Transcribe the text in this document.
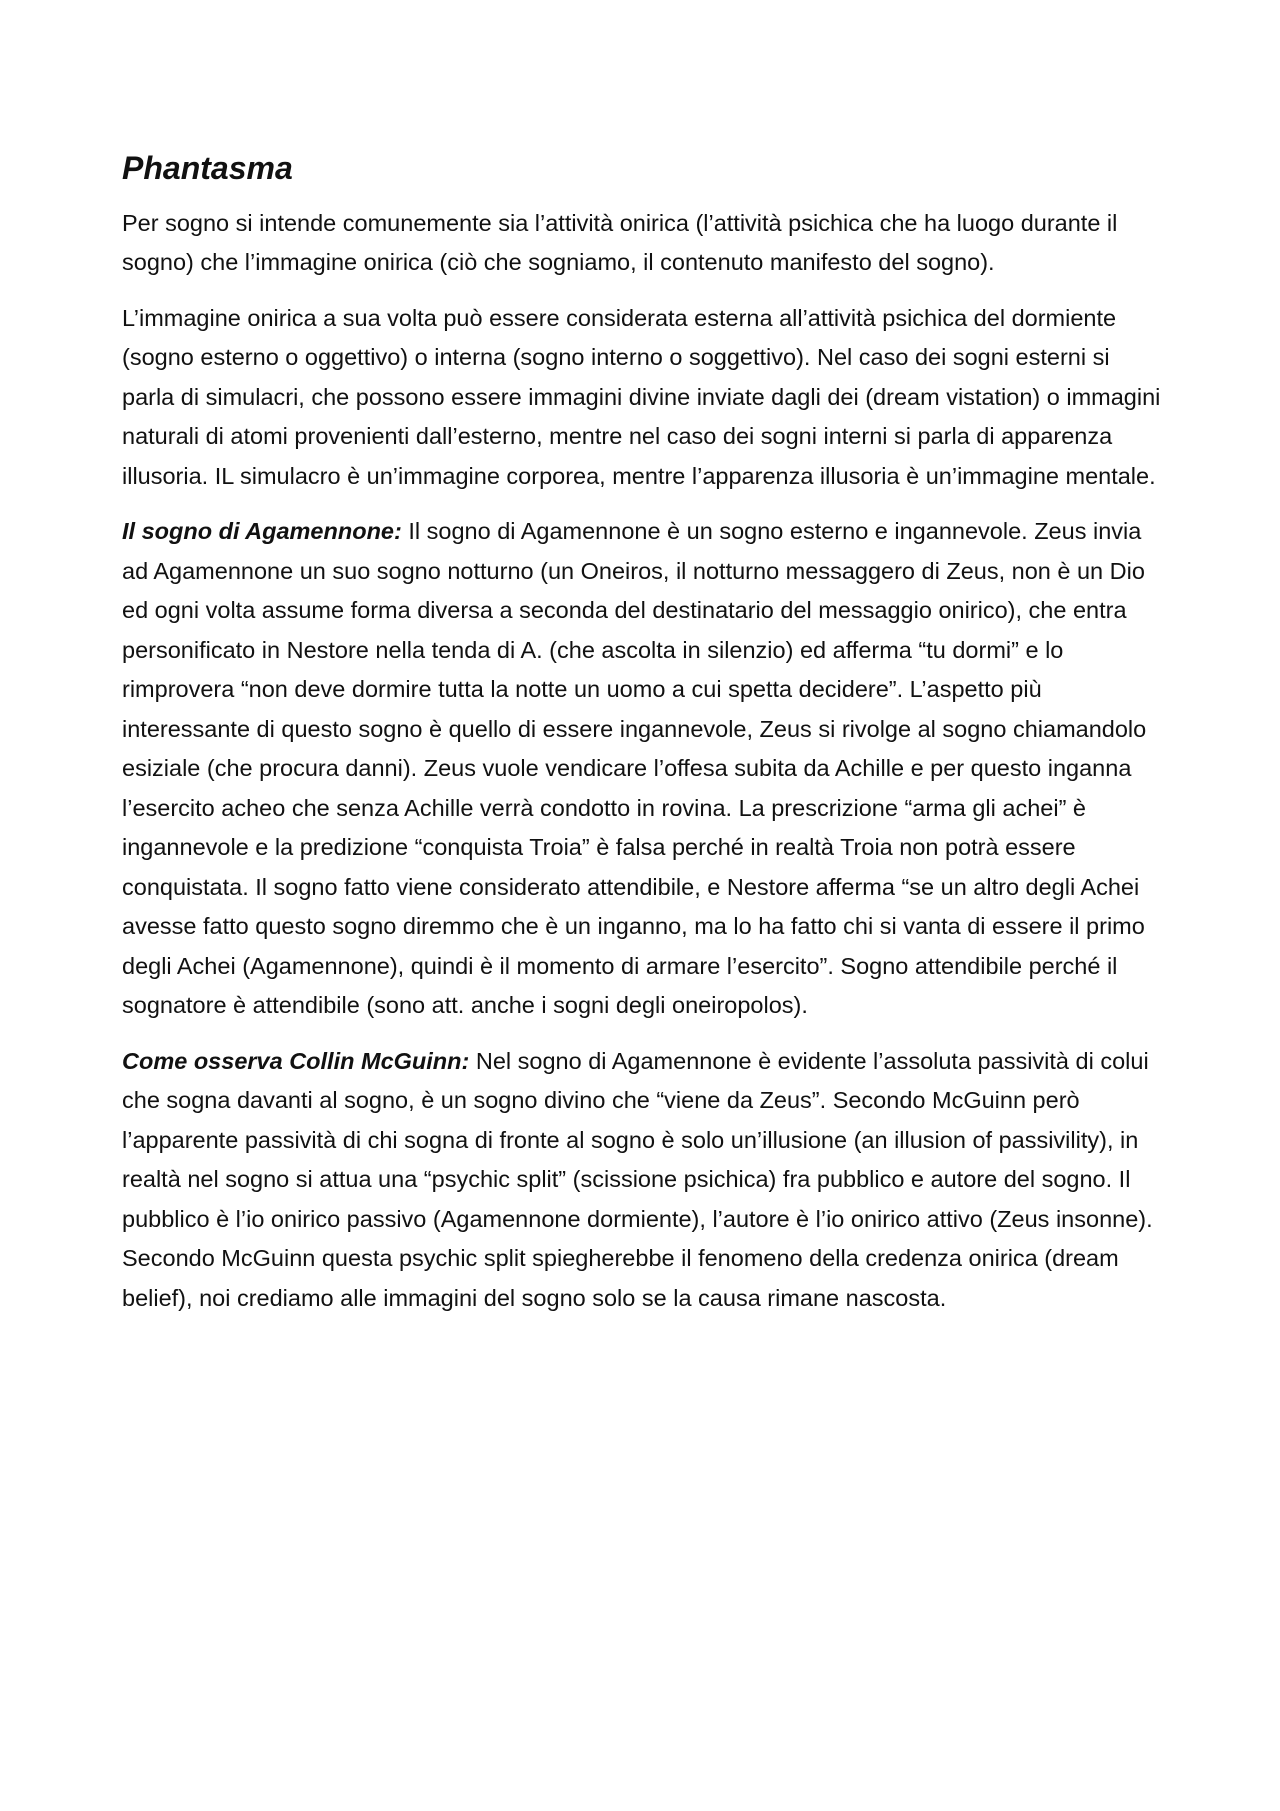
Phantasma

Per sogno si intende comunemente sia l’attività onirica (l’attività psichica che ha luogo durante il sogno) che l’immagine onirica (ciò che sogniamo, il contenuto manifesto del sogno).

L’immagine onirica a sua volta può essere considerata esterna all’attività psichica del dormiente (sogno esterno o oggettivo) o interna (sogno interno o soggettivo). Nel caso dei sogni esterni si parla di simulacri, che possono essere immagini divine inviate dagli dei (dream vistation) o immagini naturali di atomi provenienti dall’esterno, mentre nel caso dei sogni interni si parla di apparenza illusoria. IL simulacro è un’immagine corporea, mentre l’apparenza illusoria è un’immagine mentale.

Il sogno di Agamennone: Il sogno di Agamennone è un sogno esterno e ingannevole. Zeus invia ad Agamennone un suo sogno notturno (un Oneiros, il notturno messaggero di Zeus, non è un Dio ed ogni volta assume forma diversa a seconda del destinatario del messaggio onirico), che entra personificato in Nestore nella tenda di A. (che ascolta in silenzio) ed afferma “tu dormi” e lo rimprovera “non deve dormire tutta la notte un uomo a cui spetta decidere”. L’aspetto più interessante di questo sogno è quello di essere ingannevole, Zeus si rivolge al sogno chiamandolo esiziale (che procura danni). Zeus vuole vendicare l’offesa subita da Achille e per questo inganna l’esercito acheo che senza Achille verrà condotto in rovina. La prescrizione “arma gli achei” è ingannevole e la predizione “conquista Troia” è falsa perché in realtà Troia non potrà essere conquistata. Il sogno fatto viene considerato attendibile, e Nestore afferma “se un altro degli Achei avesse fatto questo sogno diremmo che è un inganno, ma lo ha fatto chi si vanta di essere il primo degli Achei (Agamennone), quindi è il momento di armare l’esercito”. Sogno attendibile perché il sognatore è attendibile (sono att. anche i sogni degli oneiropolos).

Come osserva Collin McGuinn: Nel sogno di Agamennone è evidente l’assoluta passività di colui che sogna davanti al sogno, è un sogno divino che “viene da Zeus”. Secondo McGuinn però l’apparente passività di chi sogna di fronte al sogno è solo un’illusione (an illusion of passivility), in realtà nel sogno si attua una “psychic split” (scissione psichica) fra pubblico e autore del sogno. Il pubblico è l’io onirico passivo (Agamennone dormiente), l’autore è l’io onirico attivo (Zeus insonne). Secondo McGuinn questa psychic split spiegherebbe il fenomeno della credenza onirica (dream belief), noi crediamo alle immagini del sogno solo se la causa rimane nascosta.
